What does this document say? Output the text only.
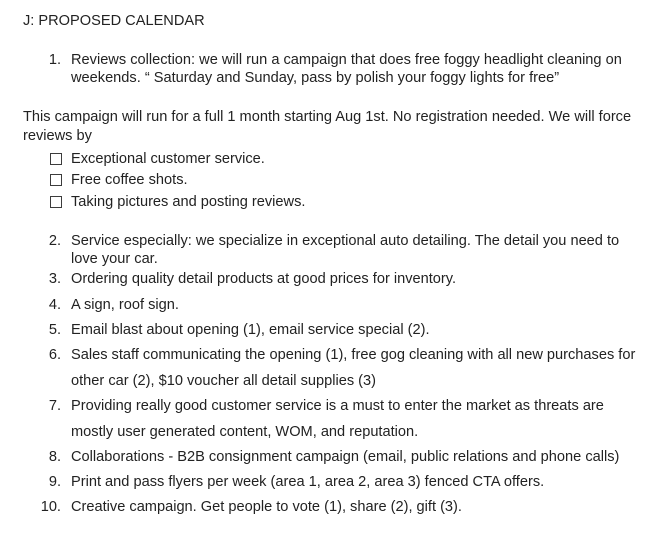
J: PROPOSED CALENDAR
1. Reviews collection: we will run a campaign that does free foggy headlight cleaning on weekends. “ Saturday and Sunday, pass by polish your foggy lights for free”
This campaign will run for a full 1 month starting Aug 1st. No registration needed. We will force reviews by
Exceptional customer service.
Free coffee shots.
Taking pictures and posting reviews.
2. Service especially: we specialize in exceptional auto detailing. The detail you need to love your car.
3. Ordering quality detail products at good prices for inventory.
4. A sign, roof sign.
5. Email blast about opening (1), email service special (2).
6. Sales staff communicating the opening (1), free gog cleaning with all new purchases for other car (2), $10 voucher all detail supplies (3)
7. Providing really good customer service is a must to enter the market as threats are mostly user generated content, WOM, and reputation.
8. Collaborations - B2B consignment campaign (email, public relations and phone calls)
9. Print and pass flyers per week (area 1, area 2, area 3) fenced CTA offers.
10. Creative campaign. Get people to vote (1), share (2), gift (3).
